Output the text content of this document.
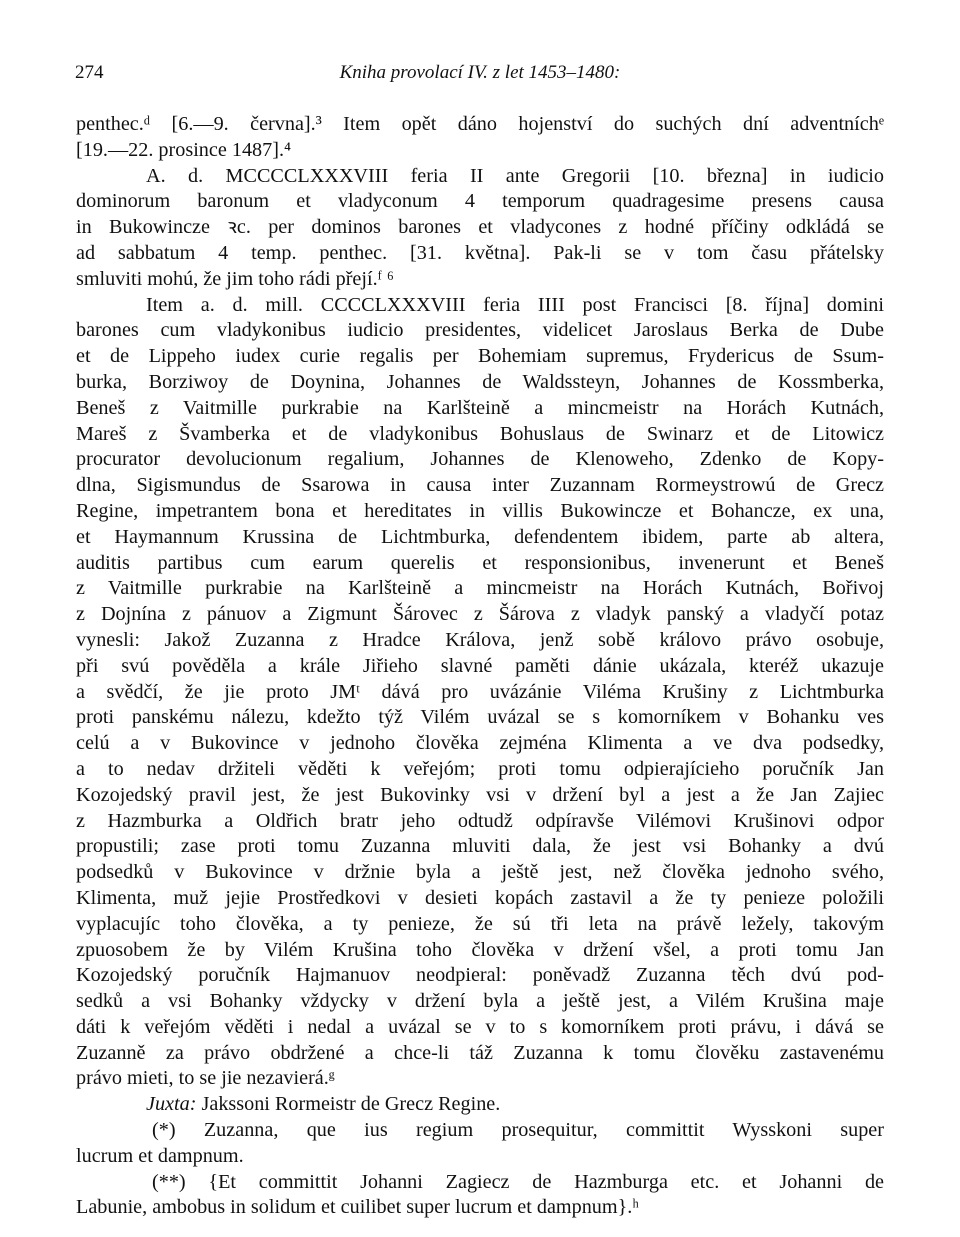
274	Kniha provolací IV. z let 1453–1480:
penthec.ᵈ [6.—9. června].³ Item opět dáno hojenství do suchých dní adventníchᵉ
[19.—22. prosince 1487].⁴
A. d. MCCCCLXXXVIII feria II ante Gregorii [10. března] in iudicio
dominorum baronum et vladyconum 4 temporum quadragesime presens causa
in Bukowincze ꝛc. per dominos barones et vladycones z hodné příčiny odkládá se
ad sabbatum 4 temp. penthec. [31. května]. Pak-li se v tom času přátelsky
smluviti mohú, že jim toho rádi přejí.ᶠ ⁶
Item a. d. mill. CCCCLXXXVIII feria IIII post Francisci [8. října] domini
barones cum vladykonibus iudicio presidentes, videlicet Jaroslaus Berka de Dube
et de Lippeho iudex curie regalis per Bohemiam supremus, Frydericus de Ssum-
burka, Borziwoy de Doynina, Johannes de Waldssteyn, Johannes de Kossmberka,
Beneš z Vaitmille purkrabie na Karlšteině a mincmeistr na Horách Kutnách,
Mareš z Švamberka et de vladykonibus Bohuslaus de Swinarz et de Litowicz
procurator devolucionum regalium, Johannes de Klenoweho, Zdenko de Kopy-
dlna, Sigismundus de Ssarowa in causa inter Zuzannam Rormeystrowú de Grecz
Regine, impetrantem bona et hereditates in villis Bukowincze et Bohancze, ex una,
et Haymannum Krussina de Lichtmburka, defendentem ibidem, parte ab altera,
auditis partibus cum earum querelis et responsionibus, invenerunt et Beneš
z Vaitmille purkrabie na Karlšteině a mincmeistr na Horách Kutnách, Bořivoj
z Dojnína z pánuov a Zigmunt Šárovec z Šárova z vladyk panský a vladyčí potaz
vynesli: Jakož Zuzanna z Hradce Králova, jenž sobě královo právo osobuje,
při svú pověděla a krále Jiřieho slavné paměti dánie ukázala, kteréž ukazuje
a svědčí, že jie proto JMᵗ dává pro uvázánie Viléma Krušiny z Lichtmburka
proti panskému nálezu, kdežto týž Vilém uvázal se s komorníkem v Bohanku ves
celú a v Bukovince v jednoho člověka zejména Klimenta a ve dva podsedky,
a to nedav držiteli věděti k veřejóm; proti tomu odpierajícieho poručník Jan
Kozojedský pravil jest, že jest Bukovinky vsi v držení byl a jest a že Jan Zajiec
z Hazmburka a Oldřich bratr jeho odtudž odpíravše Vilémovi Krušinovi odpor
propustili; zase proti tomu Zuzanna mluviti dala, že jest vsi Bohanky a dvú
podsedků v Bukovince v držnie byla a ještě jest, než člověka jednoho svého,
Klimenta, muž jejie Prostředkovi v desieti kopách zastavil a že ty penieze položili
vyplacujíc toho člověka, a ty penieze, že sú tři leta na právě ležely, takovým
zpuosobem že by Vilém Krušina toho člověka v držení všel, a proti tomu Jan
Kozojedský poručník Hajmanuov neodpieral: poněvadž Zuzanna těch dvú pod-
sedků a vsi Bohanky vždycky v držení byla a ještě jest, a Vilém Krušina maje
dáti k veřejóm věděti i nedal a uvázal se v to s komorníkem proti právu, i dává se
Zuzanně za právo obdržené a chce-li táž Zuzanna k tomu člověku zastavenému
právo mieti, to se jie nezavierá.ᵍ
Juxta: Jakssoni Rormeistr de Grecz Regine.
(*) Zuzanna, que ius regium prosequitur, committit Wysskoni super
lucrum et dampnum.
(**) {Et committit Johanni Zagiecz de Hazmburga etc. et Johanni de
Labunie, ambobus in solidum et cuilibet super lucrum et dampnum}.ʰ
